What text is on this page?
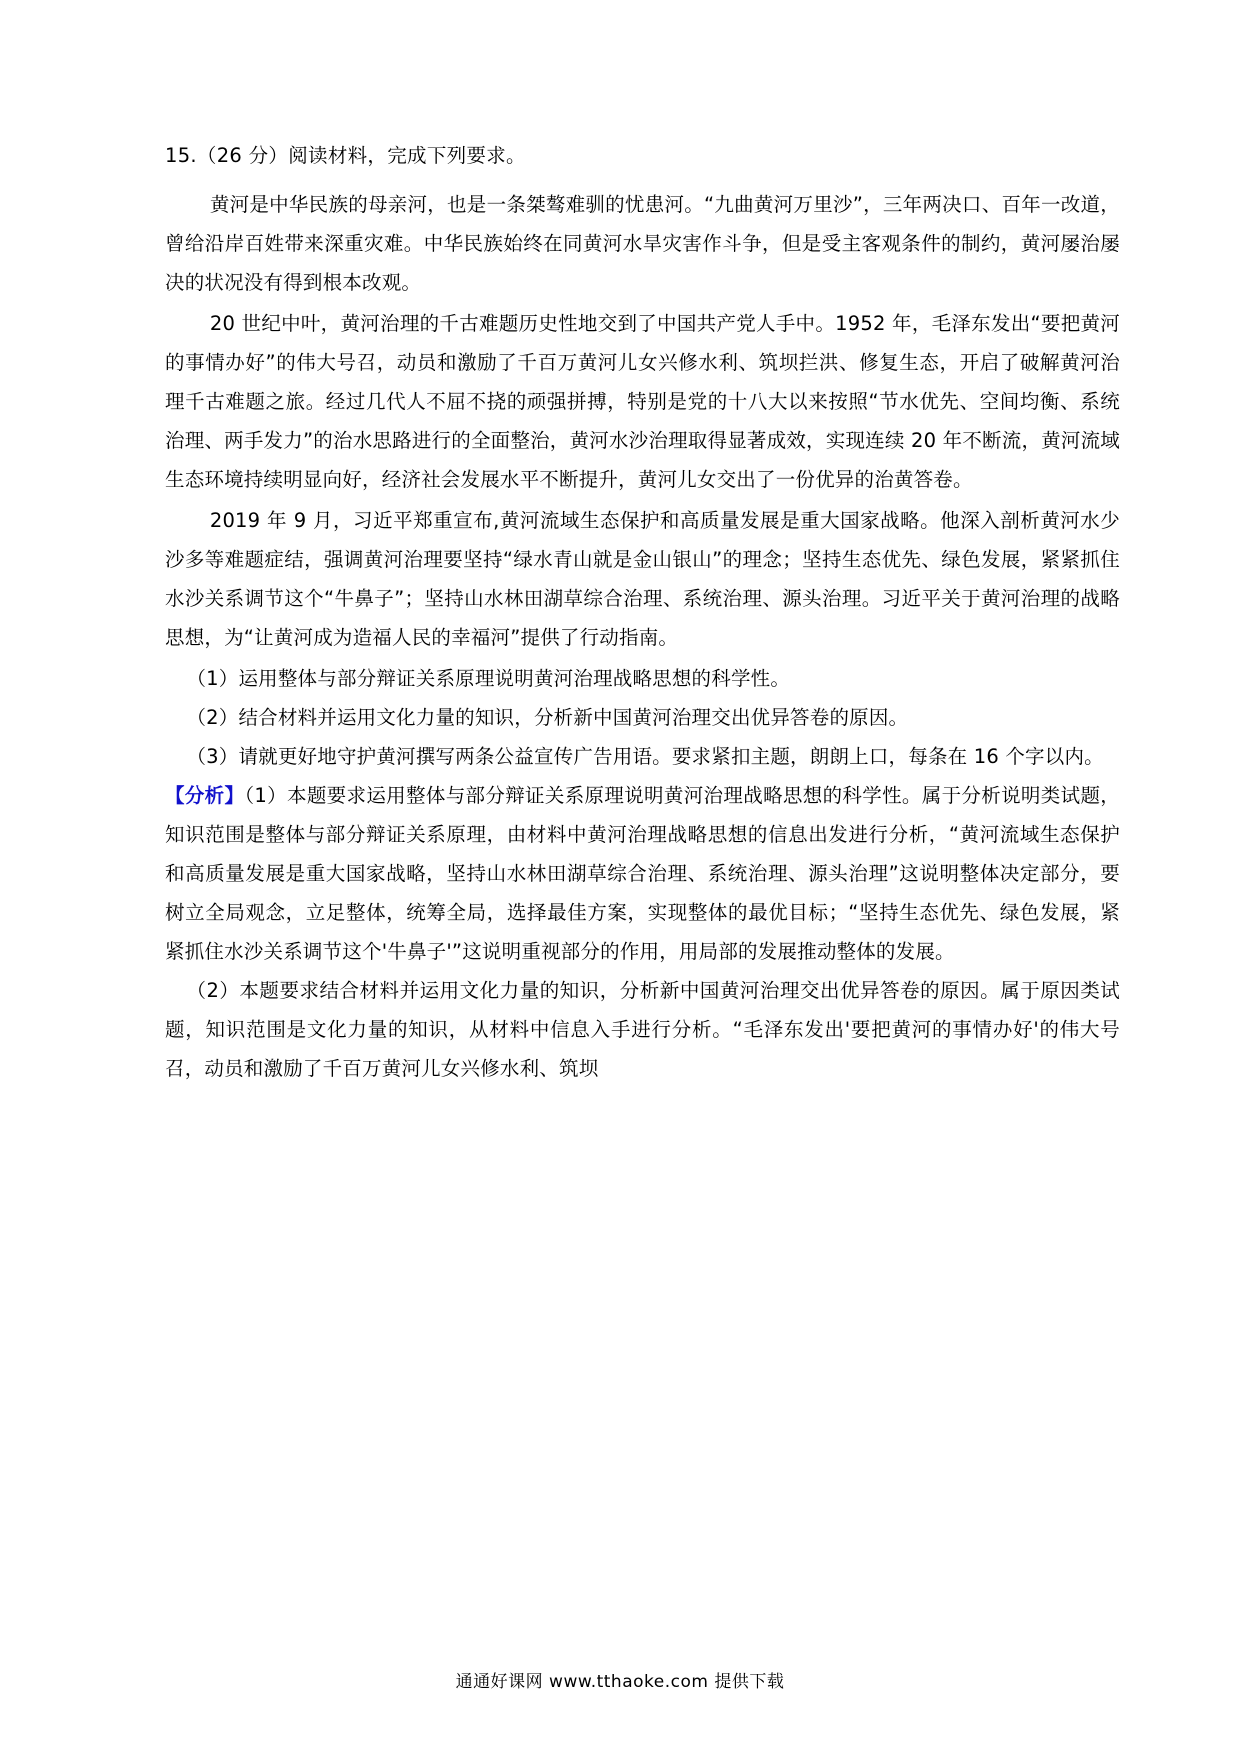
15.（26 分）阅读材料，完成下列要求。

黄河是中华民族的母亲河，也是一条桀骜难驯的忧患河。“九曲黄河万里沙”，三年两决口、百年一改道，曾给沿岸百姓带来深重灾难。中华民族始终在同黄河水旱灾害作斗争，但是受主客观条件的制约，黄河屡治屡决的状况没有得到根本改观。

20 世纪中叶，黄河治理的千古难题历史性地交到了中国共产党人手中。1952 年，毛泽东发出“要把黄河的事情办好”的伟大号召，动员和激励了千百万黄河儿女兴修水利、筑坝拦洪、修复生态，开启了破解黄河治理千古难题之旅。经过几代人不屈不挠的顽强拼搏，特别是党的十八大以来按照“节水优先、空间均衡、系统治理、两手发力”的治水思路进行的全面整治，黄河水沙治理取得显著成效，实现连续 20 年不断流，黄河流域生态环境持续明显向好，经济社会发展水平不断提升，黄河儿女交出了一份优异的治黄答卷。

2019 年 9 月，习近平郑重宣布,黄河流域生态保护和高质量发展是重大国家战略。他深入剖析黄河水少沙多等难题症结，强调黄河治理要坚持“绿水青山就是金山银山”的理念；坚持生态优先、绿色发展，紧紧抓住水沙关系调节这个“牛鼻子”；坚持山水林田湖草综合治理、系统治理、源头治理。习近平关于黄河治理的战略思想，为“让黄河成为造福人民的幸福河”提供了行动指南。

（1）运用整体与部分辩证关系原理说明黄河治理战略思想的科学性。

（2）结合材料并运用文化力量的知识，分析新中国黄河治理交出优异答卷的原因。

（3）请就更好地守护黄河撰写两条公益宣传广告用语。要求紧扣主题，朗朗上口，每条在 16 个字以内。

【分析】（1）本题要求运用整体与部分辩证关系原理说明黄河治理战略思想的科学性。属于分析说明类试题，知识范围是整体与部分辩证关系原理，由材料中黄河治理战略思想的信息出发进行分析，“黄河流域生态保护和高质量发展是重大国家战略，坚持山水林田湖草综合治理、系统治理、源头治理”这说明整体决定部分，要树立全局观念，立足整体，统筹全局，选择最佳方案，实现整体的最优目标；“坚持生态优先、绿色发展，紧紧抓住水沙关系调节这个'牛鼻子'”这说明重视部分的作用，用局部的发展推动整体的发展。

（2）本题要求结合材料并运用文化力量的知识，分析新中国黄河治理交出优异答卷的原因。属于原因类试题，知识范围是文化力量的知识，从材料中信息入手进行分析。“毛泽东发出'要把黄河的事情办好'的伟大号召，动员和激励了千百万黄河儿女兴修水利、筑坝

通通好课网 www.tthaoke.com 提供下载
